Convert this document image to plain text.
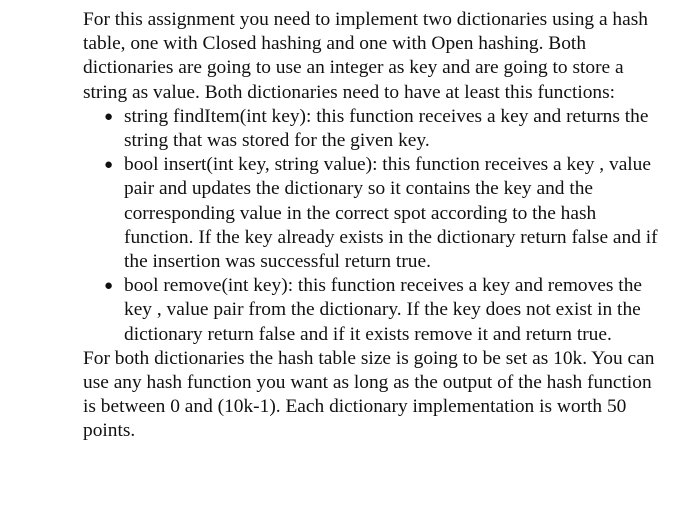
For this assignment you need to implement two dictionaries using a hash table, one with Closed hashing and one with Open hashing. Both dictionaries are going to use an integer as key and are going to store a string as value. Both dictionaries need to have at least this functions:

● string findItem(int key): this function receives a key and returns the string that was stored for the given key.
● bool insert(int key, string value): this function receives a key , value pair and updates the dictionary so it contains the key and the corresponding value in the correct spot according to the hash function. If the key already exists in the dictionary return false and if the insertion was successful return true.
● bool remove(int key): this function receives a key and removes the key , value pair from the dictionary. If the key does not exist in the dictionary return false and if it exists remove it and return true.

For both dictionaries the hash table size is going to be set as 10k. You can use any hash function you want as long as the output of the hash function is between 0 and (10k-1). Each dictionary implementation is worth 50 points.
